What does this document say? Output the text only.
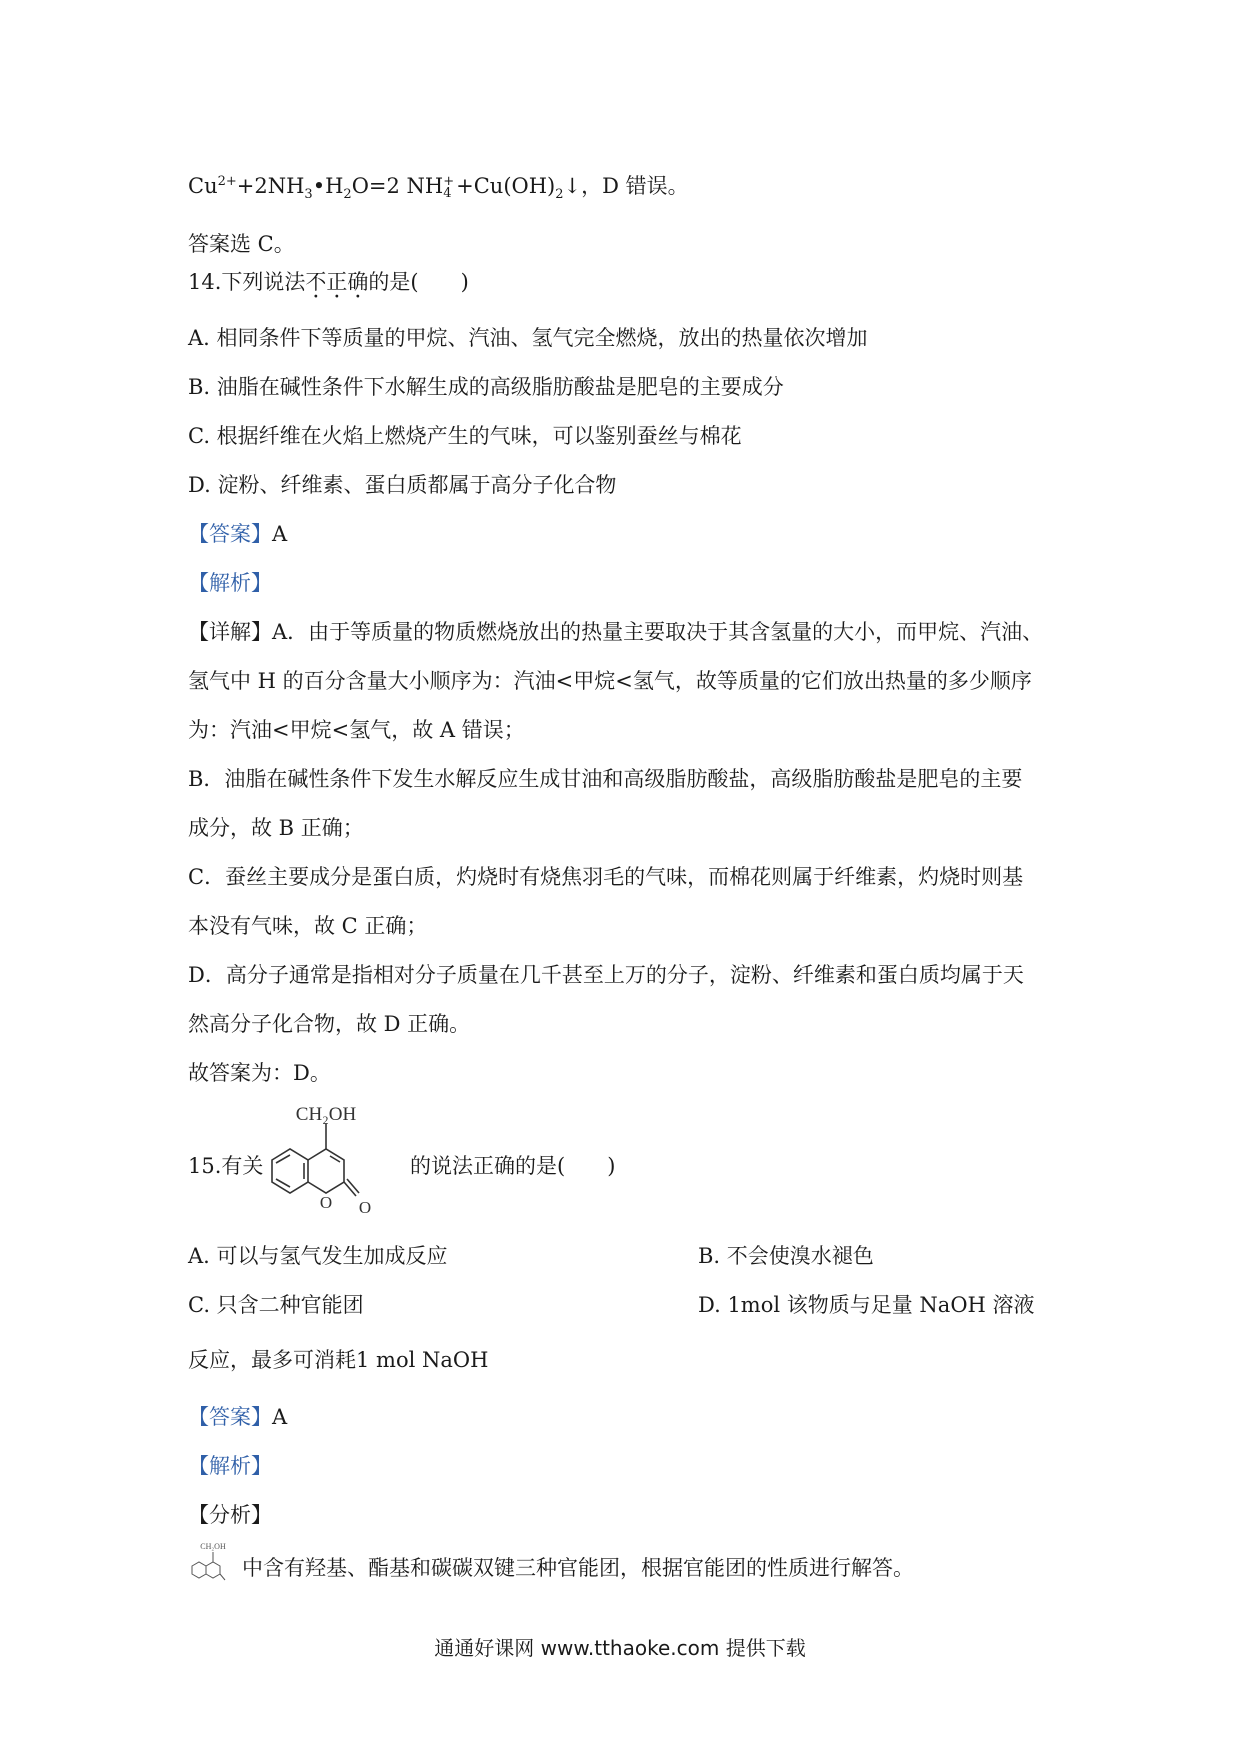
$Cu^{2+}+2NH_3•H_2O=2$ NH +
$4 +Cu(OH)_2↓$，D 错误。
答案选 C。
14.下列说法不正确的是(　　)
A. 相同条件下等质量的甲烷、汽油、氢气完全燃烧，放出的热量依次增加
B. 油脂在碱性条件下水解生成的高级脂肪酸盐是肥皂的主要成分
C. 根据纤维在火焰上燃烧产生的气味，可以鉴别蚕丝与棉花
D. 淀粉、纤维素、蛋白质都属于高分子化合物
【答案】A
【解析】
【详解】A．由于等质量的物质燃烧放出的热量主要取决于其含氢量的大小，而甲烷、汽油、
氢气中 H 的百分含量大小顺序为：汽油<甲烷<氢气，故等质量的它们放出热量的多少顺序
为：汽油<甲烷<氢气，故 A 错误；
B．油脂在碱性条件下发生水解反应生成甘油和高级脂肪酸盐，高级脂肪酸盐是肥皂的主要
成分，故 B 正确；
C．蚕丝主要成分是蛋白质，灼烧时有烧焦羽毛的气味，而棉花则属于纤维素，灼烧时则基
本没有气味，故 C 正确；
D．高分子通常是指相对分子质量在几千甚至上万的分子，淀粉、纤维素和蛋白质均属于天
然高分子化合物，故 D 正确。
故答案为：D。
15.有关
CH₂OH
O O
的说法正确的是(　　)
A. 可以与氢气发生加成反应	B. 不会使溴水褪色
C. 只含二种官能团	D. 1mol 该物质与足量 NaOH 溶液
反应，最多可消耗1 mol NaOH
【答案】A
【解析】
【分析】
CH₂OH
中含有羟基、酯基和碳碳双键三种官能团，根据官能团的性质进行解答。
通通好课网 www.tthaoke.com 提供下载
